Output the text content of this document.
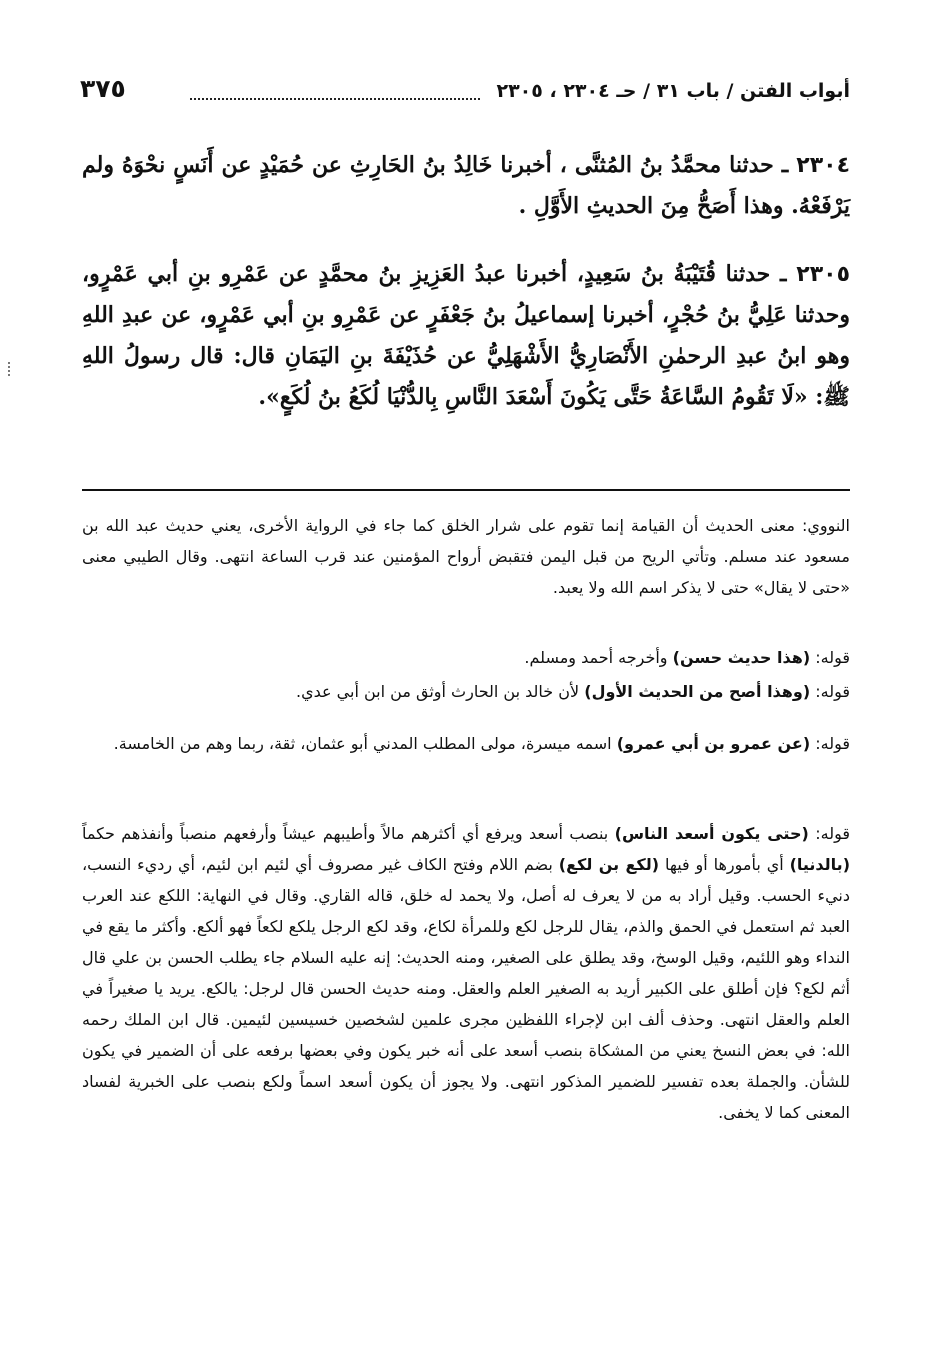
أبواب الفتن / باب ٣١ / حـ ٢٣٠٤ ، ٢٣٠٥
٣٧٥

٢٣٠٤ ـ حدثنا محمَّدُ بنُ المُثنَّى ، أخبرنا خَالِدُ بنُ الحَارِثِ عن حُمَيْدٍ عن أَنَسٍ نحْوَهُ ولم يَرْفَعْهُ. وهذا أَصَحُّ مِنَ الحديثِ الأَوَّلِ .

٢٣٠٥ ـ حدثنا قُتَيْبَةُ بنُ سَعِيدٍ، أخبرنا عبدُ العَزِيزِ بنُ محمَّدٍ عن عَمْرِو بنِ أبي عَمْرٍو، وحدثنا عَلِيُّ بنُ حُجْرٍ، أخبرنا إسماعيلُ بنُ جَعْفَرٍ عن عَمْرِو بنِ أبي عَمْرٍو، عن عبدِ اللهِ وهو ابنُ عبدِ الرحمٰنِ الأَنْصَارِيُّ الأَشْهَلِيُّ عن حُذَيْفَةَ بنِ اليَمَانِ قال: قال رسولُ اللهِ ﷺ: «لَا تَقُومُ السَّاعَةُ حَتَّى يَكُونَ أَسْعَدَ النَّاسِ بِالدُّنْيَا لُكَعُ بنُ لُكَعٍ».

النووي: معنى الحديث أن القيامة إنما تقوم على شرار الخلق كما جاء في الرواية الأخرى، يعني حديث عبد الله بن مسعود عند مسلم. وتأتي الريح من قبل اليمن فتقبض أرواح المؤمنين عند قرب الساعة انتهى. وقال الطيبي معنى «حتى لا يقال» حتى لا يذكر اسم الله ولا يعبد.

قوله: (هذا حديث حسن) وأخرجه أحمد ومسلم.

قوله: (وهذا أصح من الحديث الأول) لأن خالد بن الحارث أوثق من ابن أبي عدي.

قوله: (عن عمرو بن أبي عمرو) اسمه ميسرة، مولى المطلب المدني أبو عثمان، ثقة، ربما وهم من الخامسة.

قوله: (حتى يكون أسعد الناس) بنصب أسعد ويرفع أي أكثرهم مالاً وأطيبهم عيشاً وأرفعهم منصباً وأنفذهم حكماً (بالدنيا) أي بأمورها أو فيها (لكع بن لكع) بضم اللام وفتح الكاف غير مصروف أي لئيم ابن لئيم، أي رديء النسب، دنيء الحسب. وقيل أراد به من لا يعرف له أصل، ولا يحمد له خلق، قاله القاري. وقال في النهاية: اللكع عند العرب العبد ثم استعمل في الحمق والذم، يقال للرجل لكع وللمرأة لكاع، وقد لكع الرجل يلكع لكعاً فهو ألكع. وأكثر ما يقع في النداء وهو اللئيم، وقيل الوسخ، وقد يطلق على الصغير، ومنه الحديث: إنه عليه السلام جاء يطلب الحسن بن علي قال أثم لكع؟ فإن أطلق على الكبير أريد به الصغير العلم والعقل. ومنه حديث الحسن قال لرجل: يالكع. يريد يا صغيراً في العلم والعقل انتهى. وحذف ألف ابن لإجراء اللفظين مجرى علمين لشخصين خسيسين لئيمين. قال ابن الملك رحمه الله: في بعض النسخ يعني من المشكاة بنصب أسعد على أنه خبر يكون وفي بعضها برفعه على أن الضمير في يكون للشأن. والجملة بعده تفسير للضمير المذكور انتهى. ولا يجوز أن يكون أسعد اسماً ولكع بنصب على الخبرية لفساد المعنى كما لا يخفى.
